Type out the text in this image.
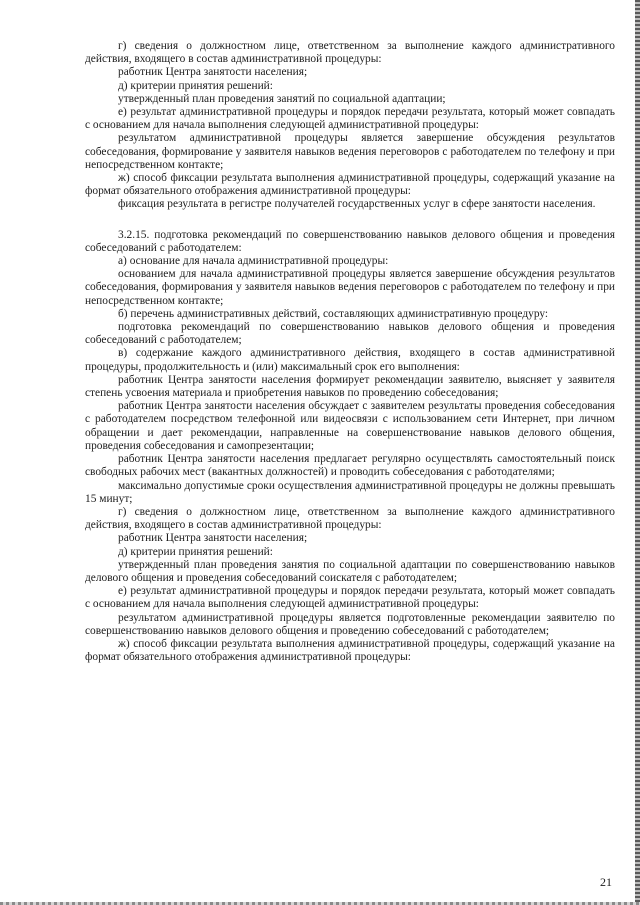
г) сведения о должностном лице, ответственном за выполнение каждого административного действия, входящего в состав административной процедуры:

работник Центра занятости населения;

д) критерии принятия решений:

утвержденный план проведения занятий по социальной адаптации;

е) результат административной процедуры и порядок передачи результата, который может совпадать с основанием для начала выполнения следующей административной процедуры:

результатом административной процедуры является завершение обсуждения результатов собеседования, формирование у заявителя навыков ведения переговоров с работодателем по телефону и при непосредственном контакте;

ж) способ фиксации результата выполнения административной процедуры, содержащий указание на формат обязательного отображения административной процедуры:

фиксация результата в регистре получателей государственных услуг в сфере занятости населения.

3.2.15. подготовка рекомендаций по совершенствованию навыков делового общения и проведения собеседований с работодателем:

а) основание для начала административной процедуры:

основанием для начала административной процедуры является завершение обсуждения результатов собеседования, формирования у заявителя навыков ведения переговоров с работодателем по телефону и при непосредственном контакте;

б) перечень административных действий, составляющих административную процедуру:

подготовка рекомендаций по совершенствованию навыков делового общения и проведения собеседований с работодателем;

в) содержание каждого административного действия, входящего в состав административной процедуры, продолжительность и (или) максимальный срок его выполнения:

работник Центра занятости населения формирует рекомендации заявителю, выясняет у заявителя степень усвоения материала и приобретения навыков по проведению собеседования;

работник Центра занятости населения обсуждает с заявителем результаты проведения собеседования с работодателем посредством телефонной или видеосвязи с использованием сети Интернет, при личном обращении и дает рекомендации, направленные на совершенствование навыков делового общения, проведения собеседования и самопрезентации;

работник Центра занятости населения предлагает регулярно осуществлять самостоятельный поиск свободных рабочих мест (вакантных должностей) и проводить собеседования с работодателями;

максимально допустимые сроки осуществления административной процедуры не должны превышать 15 минут;

г) сведения о должностном лице, ответственном за выполнение каждого административного действия, входящего в состав административной процедуры:

работник Центра занятости населения;

д) критерии принятия решений:

утвержденный план проведения занятия по социальной адаптации по совершенствованию навыков делового общения и проведения собеседований соискателя с работодателем;

е) результат административной процедуры и порядок передачи результата, который может совпадать с основанием для начала выполнения следующей административной процедуры:

результатом административной процедуры является подготовленные рекомендации заявителю по совершенствованию навыков делового общения и проведению собеседований с работодателем;

ж) способ фиксации результата выполнения административной процедуры, содержащий указание на формат обязательного отображения административной процедуры:

21
